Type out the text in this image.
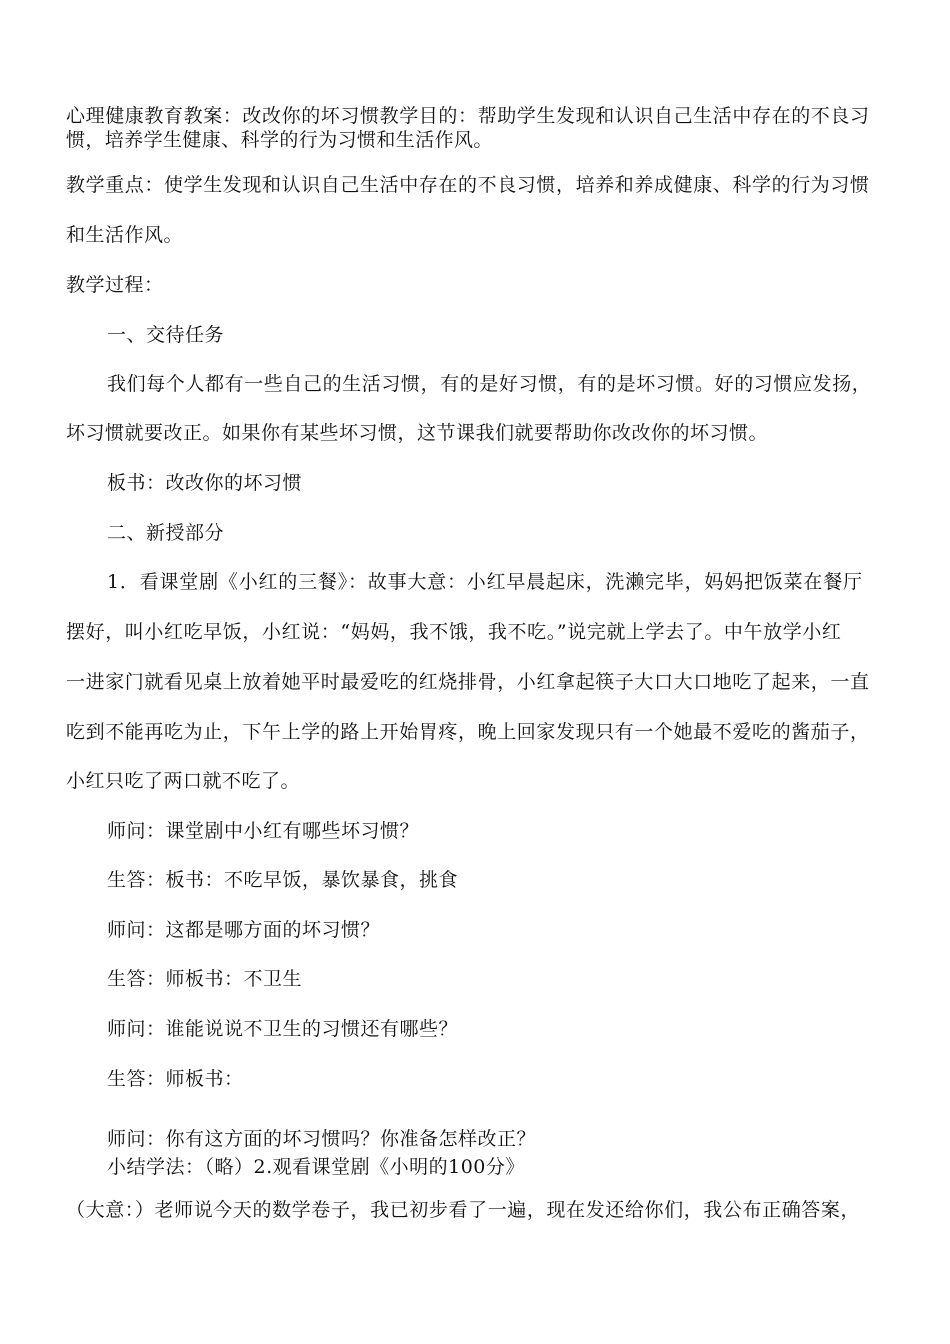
心理健康教育教案：改改你的坏习惯教学目的：帮助学生发现和认识自己生活中存在的不良习
惯，培养学生健康、科学的行为习惯和生活作风。
教学重点：使学生发现和认识自己生活中存在的不良习惯，培养和养成健康、科学的行为习惯
和生活作风。
教学过程：
一、交待任务
我们每个人都有一些自己的生活习惯，有的是好习惯，有的是坏习惯。好的习惯应发扬，
坏习惯就要改正。如果你有某些坏习惯，这节课我们就要帮助你改改你的坏习惯。
板书：改改你的坏习惯
二、新授部分
1．看课堂剧《小红的三餐》：故事大意：小红早晨起床，洗濑完毕，妈妈把饭菜在餐厅
摆好，叫小红吃早饭，小红说：“妈妈，我不饿，我不吃。”说完就上学去了。中午放学小红
一进家门就看见桌上放着她平时最爱吃的红烧排骨，小红拿起筷子大口大口地吃了起来，一直
吃到不能再吃为止，下午上学的路上开始胃疼，晚上回家发现只有一个她最不爱吃的酱茄子，
小红只吃了两口就不吃了。
师问：课堂剧中小红有哪些坏习惯？
生答：板书：不吃早饭，暴饮暴食，挑食
师问：这都是哪方面的坏习惯？
生答：师板书：不卫生
师问：谁能说说不卫生的习惯还有哪些？
生答：师板书：
师问：你有这方面的坏习惯吗？你准备怎样改正？
小结学法：（略）2.观看课堂剧《小明的100分》
（大意：）老师说今天的数学卷子，我已初步看了一遍，现在发还给你们，我公布正确答案，
